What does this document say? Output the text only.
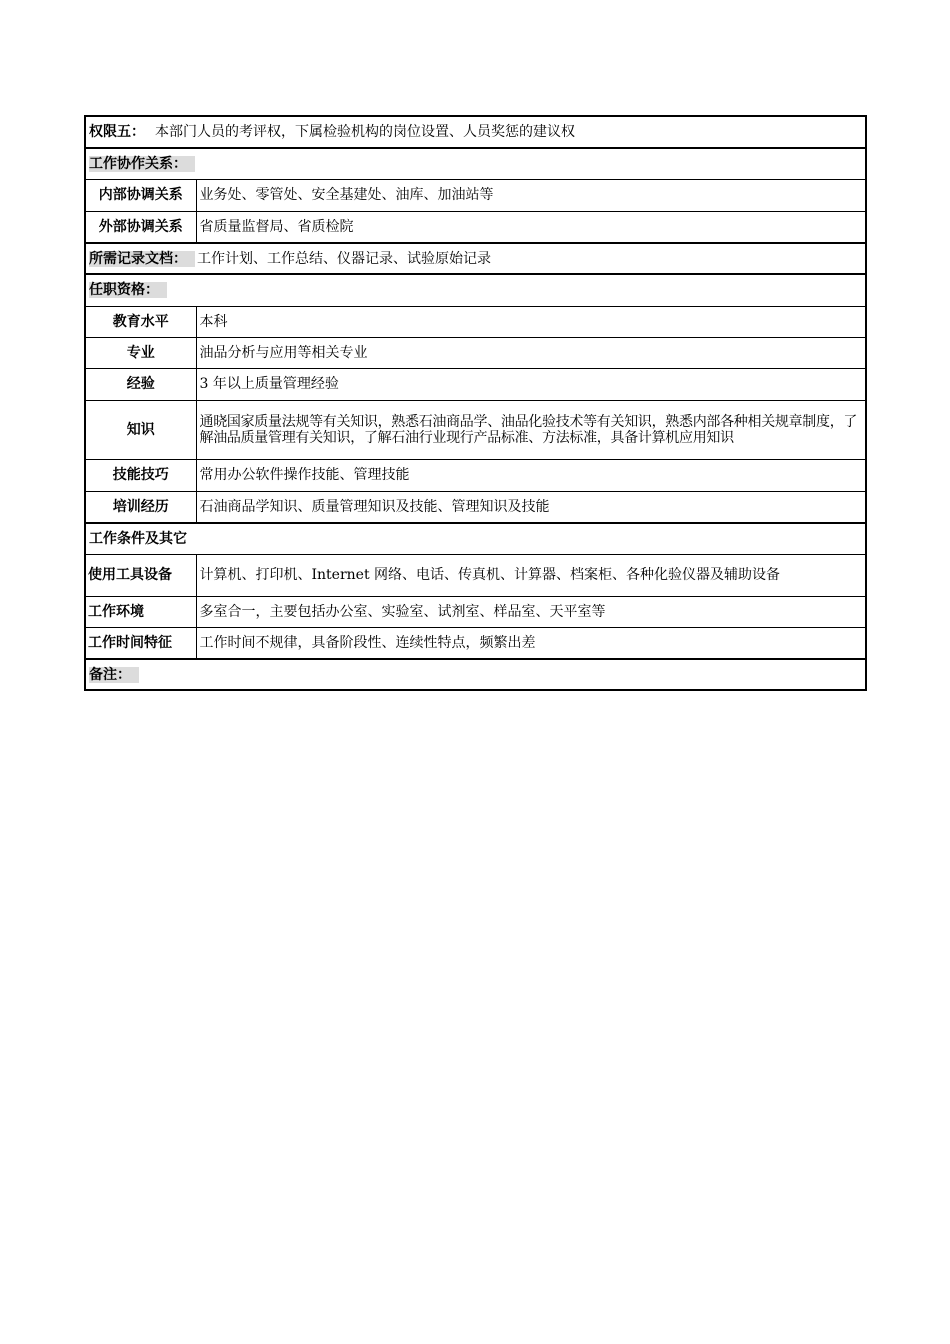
权限五： 本部门人员的考评权，下属检验机构的岗位设置、人员奖惩的建议权	
工作协作关系：	
内部协调关系	业务处、零管处、安全基建处、油库、加油站等
外部协调关系	省质量监督局、省质检院
所需记录文档： 工作计划、工作总结、仪器记录、试验原始记录	
任职资格：	
教育水平	本科
专业	油品分析与应用等相关专业
经验	3 年以上质量管理经验
知识	通晓国家质量法规等有关知识，熟悉石油商品学、油品化验技术等有关知识，熟悉内部各种相关规章制度，了解油品质量管理有关知识，了解石油行业现行产品标准、方法标准，具备计算机应用知识
技能技巧	常用办公软件操作技能、管理技能
培训经历	石油商品学知识、质量管理知识及技能、管理知识及技能
工作条件及其它	
使用工具设备	计算机、打印机、Internet 网络、电话、传真机、计算器、档案柜、各种化验仪器及辅助设备
工作环境	多室合一，主要包括办公室、实验室、试剂室、样品室、天平室等
工作时间特征	工作时间不规律，具备阶段性、连续性特点，频繁出差
备注：	
